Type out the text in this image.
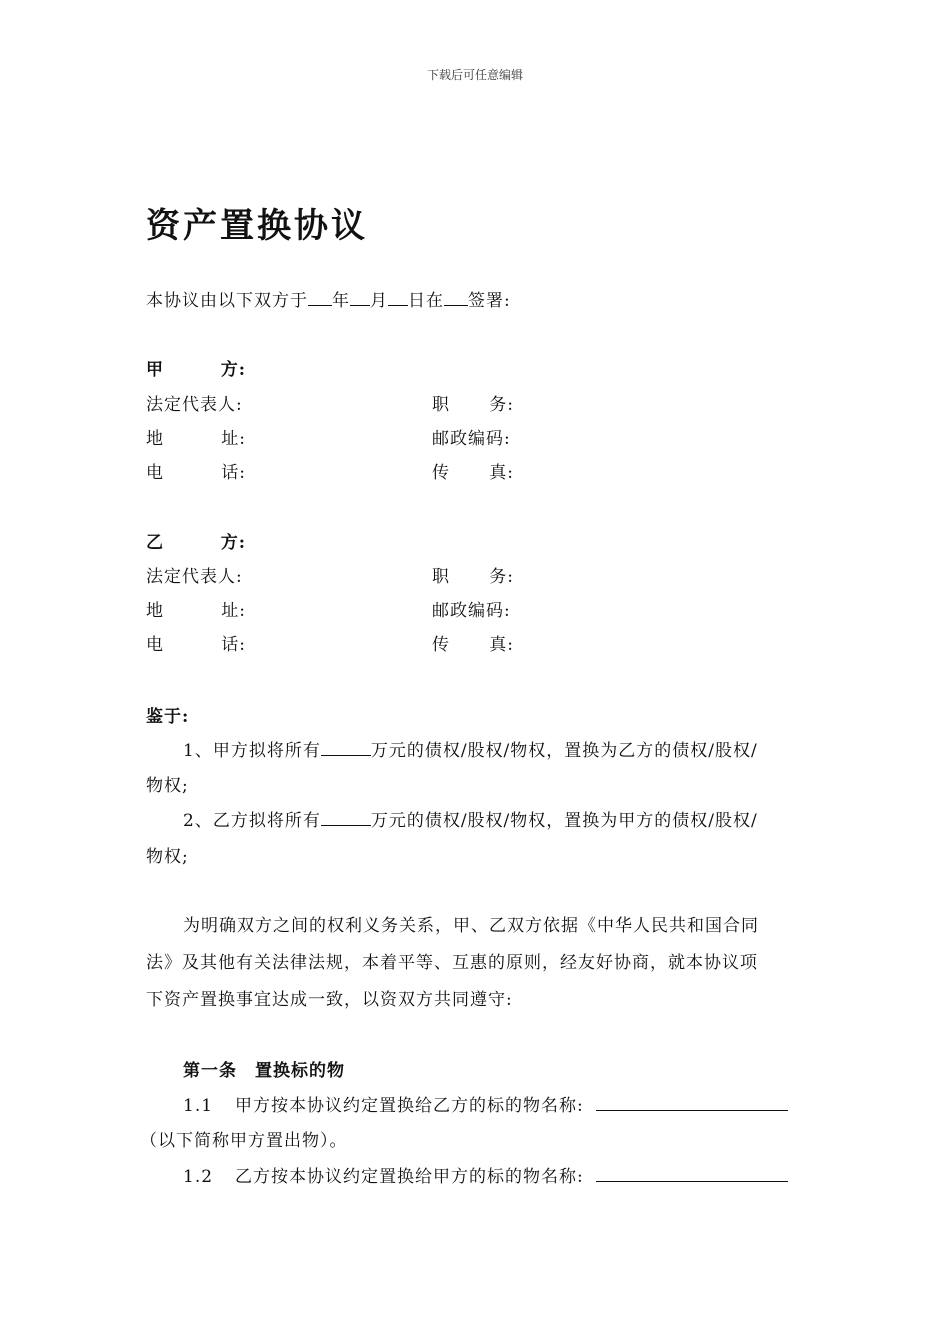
下载后可任意编辑
资产置换协议
本协议由以下双方于 年 月 日在 签署:
甲	方:
法定代表人:	职 务:
地	址:	邮政编码:
电	话:	传 真:
乙	方:
法定代表人:	职 务:
地	址:	邮政编码:
电	话:	传 真:
鉴于:
1、甲方拟将所有	万元的债权/股权/物权，置换为乙方的债权/股权/
物权;
2、乙方拟将所有	万元的债权/股权/物权，置换为甲方的债权/股权/
物权;
为明确双方之间的权利义务关系，甲、乙双方依据《中华人民共和国合同
法》及其他有关法律法规，本着平等、互惠的原则，经友好协商，就本协议项
下资产置换事宜达成一致，以资双方共同遵守:
第一条　置换标的物
1.1 甲方按本协议约定置换给乙方的标的物名称:
（以下简称甲方置出物）。
1.2 乙方按本协议约定置换给甲方的标的物名称:
